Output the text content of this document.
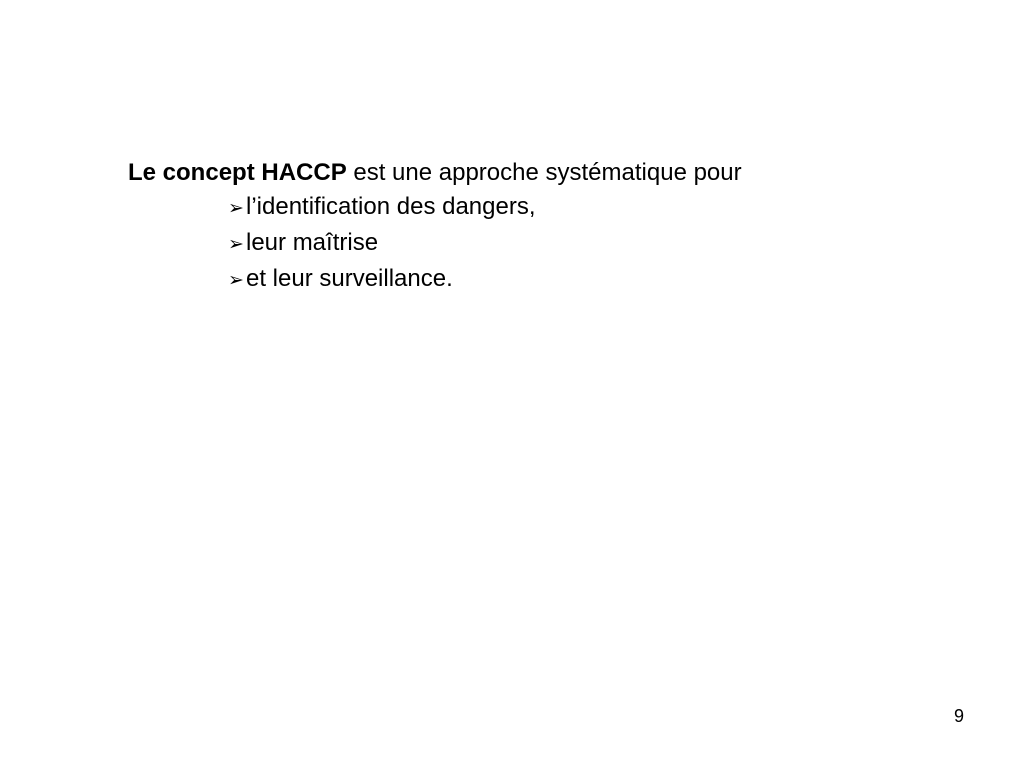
Le concept HACCP est une approche systématique pour
➢ l’identification des dangers,
➢ leur maîtrise
➢ et leur surveillance.
9
